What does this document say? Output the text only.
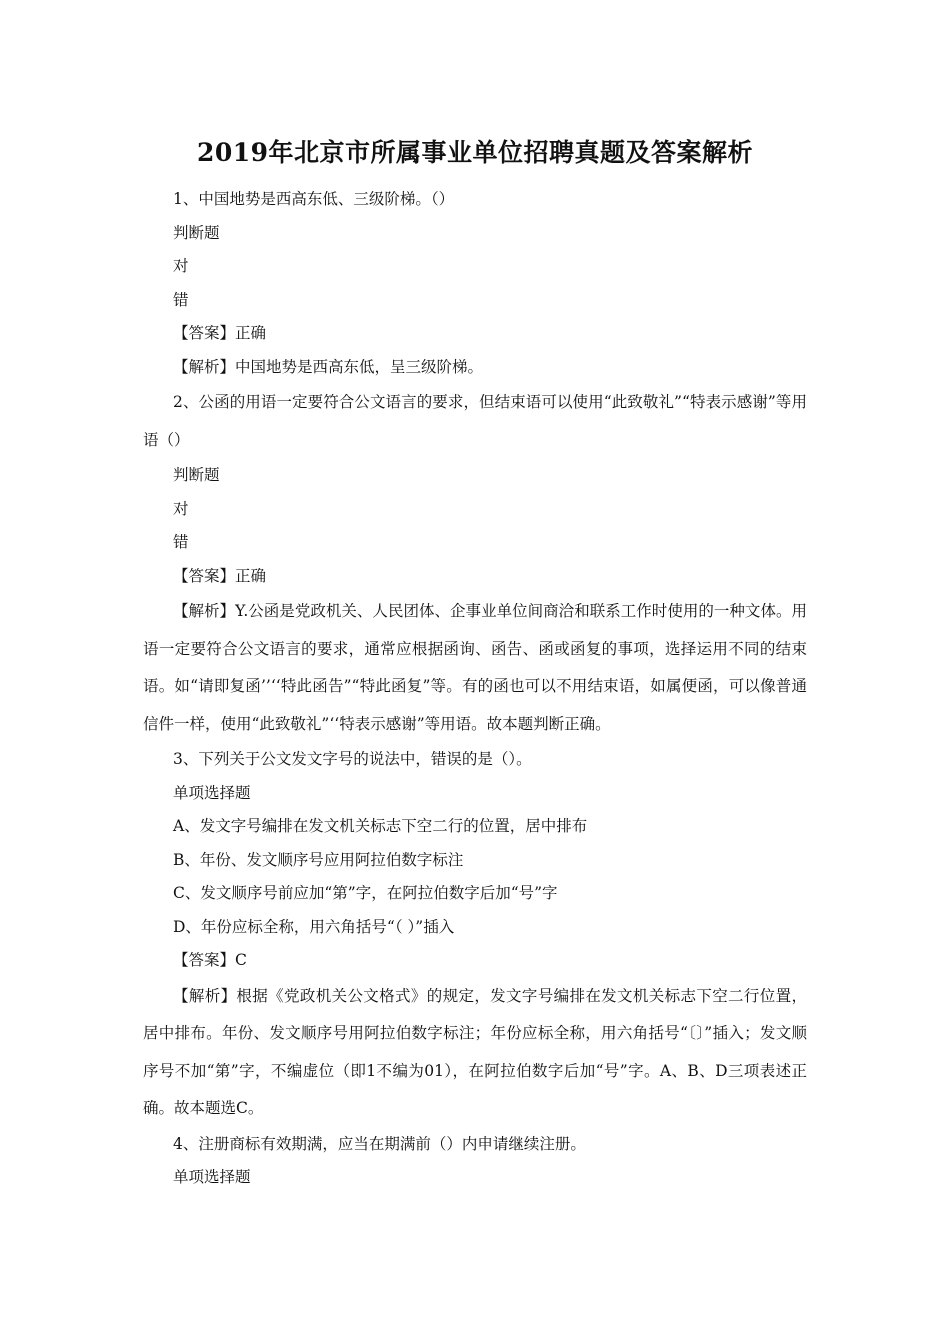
2019年北京市所属事业单位招聘真题及答案解析

1、中国地势是西高东低、三级阶梯。（）

判断题

对

错

【答案】正确

【解析】中国地势是西高东低，呈三级阶梯。

2、公函的用语一定要符合公文语言的要求，但结束语可以使用“此致敬礼”“特表示感谢”等用语（）

判断题

对

错

【答案】正确

【解析】Y.公函是党政机关、人民团体、企事业单位间商洽和联系工作时使用的一种文体。用语一定要符合公文语言的要求，通常应根据函询、函告、函或函复的事项，选择运用不同的结束语。如“请即复函’’‘‘特此函告”“特此函复”等。有的函也可以不用结束语，如属便函，可以像普通信件一样，使用“此致敬礼”‘‘特表示感谢”等用语。故本题判断正确。

3、下列关于公文发文字号的说法中，错误的是（）。

单项选择题

A、发文字号编排在发文机关标志下空二行的位置，居中排布

B、年份、发文顺序号应用阿拉伯数字标注

C、发文顺序号前应加“第”字，在阿拉伯数字后加“号”字

D、年份应标全称，用六角括号“（ ）”插入

【答案】C

【解析】根据《党政机关公文格式》的规定，发文字号编排在发文机关标志下空二行位置，居中排布。年份、发文顺序号用阿拉伯数字标注；年份应标全称，用六角括号“〔〕”插入；发文顺序号不加“第”字，不编虚位（即1不编为01），在阿拉伯数字后加“号”字。A、B、D三项表述正确。故本题选C。

4、注册商标有效期满，应当在期满前（）内申请继续注册。

单项选择题
